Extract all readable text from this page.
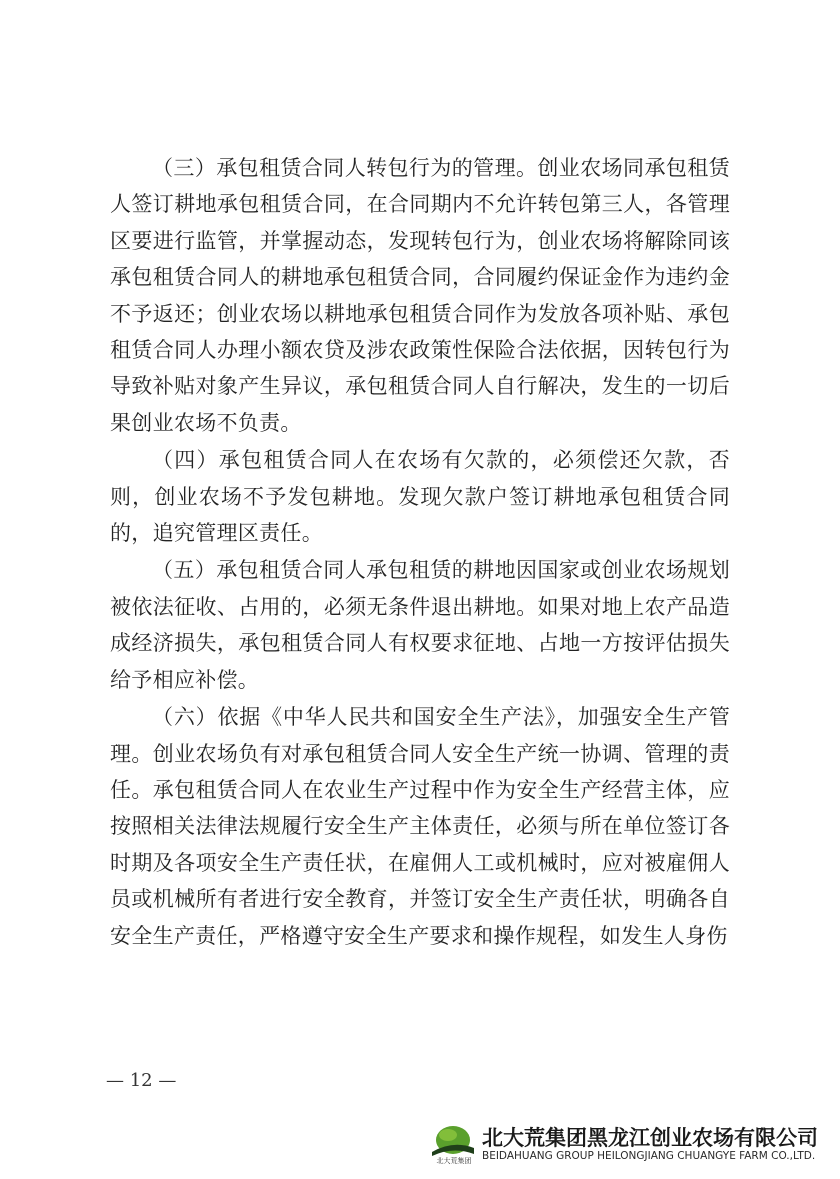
（三）承包租赁合同人转包行为的管理。创业农场同承包租赁人签订耕地承包租赁合同，在合同期内不允许转包第三人，各管理区要进行监管，并掌握动态，发现转包行为，创业农场将解除同该承包租赁合同人的耕地承包租赁合同，合同履约保证金作为违约金不予返还；创业农场以耕地承包租赁合同作为发放各项补贴、承包租赁合同人办理小额农贷及涉农政策性保险合法依据，因转包行为导致补贴对象产生异议，承包租赁合同人自行解决，发生的一切后果创业农场不负责。

（四）承包租赁合同人在农场有欠款的，必须偿还欠款，否则，创业农场不予发包耕地。发现欠款户签订耕地承包租赁合同的，追究管理区责任。

（五）承包租赁合同人承包租赁的耕地因国家或创业农场规划被依法征收、占用的，必须无条件退出耕地。如果对地上农产品造成经济损失，承包租赁合同人有权要求征地、占地一方按评估损失给予相应补偿。

（六）依据《中华人民共和国安全生产法》，加强安全生产管理。创业农场负有对承包租赁合同人安全生产统一协调、管理的责任。承包租赁合同人在农业生产过程中作为安全生产经营主体，应按照相关法律法规履行安全生产主体责任，必须与所在单位签订各时期及各项安全生产责任状，在雇佣人工或机械时，应对被雇佣人员或机械所有者进行安全教育，并签订安全生产责任状，明确各自安全生产责任，严格遵守安全生产要求和操作规程，如发生人身伤

— 12 —
北大荒集团
北大荒集团黑龙江创业农场有限公司
BEIDAHUANG GROUP HEILONGJIANG CHUANGYE FARM CO.,LTD.
